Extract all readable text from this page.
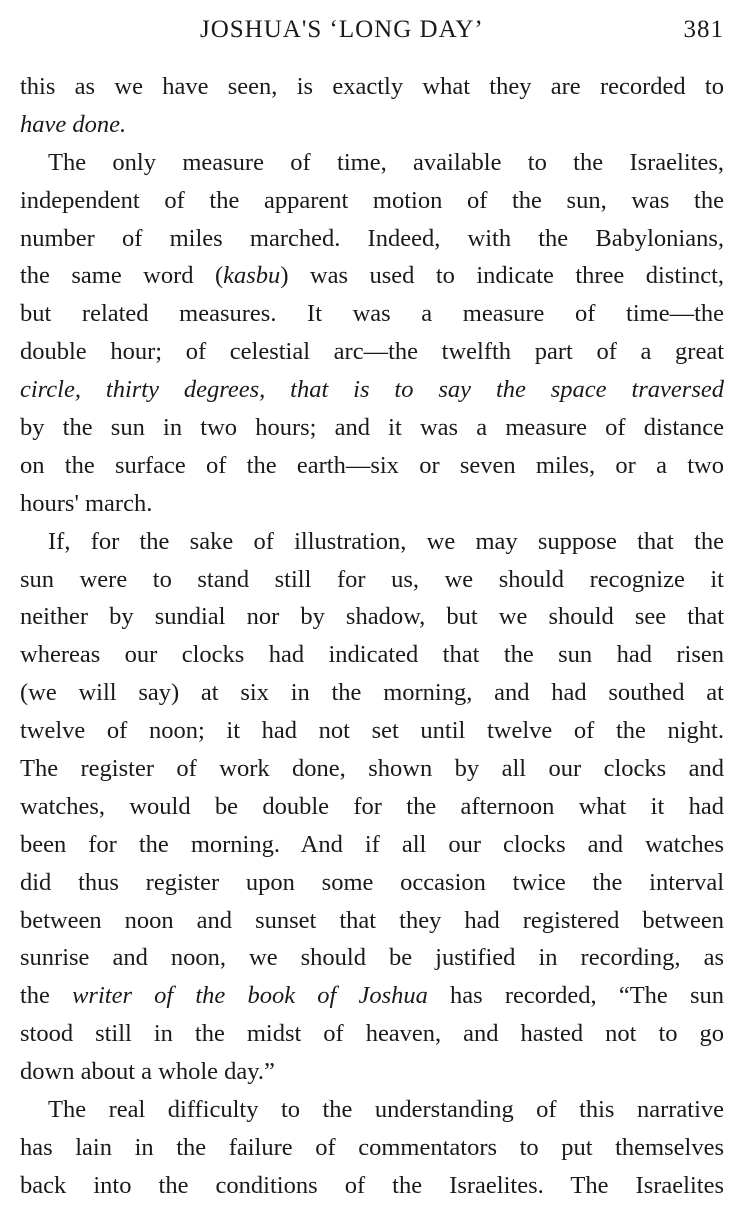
JOSHUA'S ‘LONG DAY’	381
this as we have seen, is exactly what they are recorded to
have done.
The only measure of time, available to the Israelites,
independent of the apparent motion of the sun, was the
number of miles marched. Indeed, with the Babylonians,
the same word (kasbu) was used to indicate three distinct,
but related measures. It was a measure of time—the
double hour; of celestial arc—the twelfth part of a great
circle, thirty degrees, that is to say the space traversed
by the sun in two hours; and it was a measure of distance
on the surface of the earth—six or seven miles, or a two
hours' march.
If, for the sake of illustration, we may suppose that the
sun were to stand still for us, we should recognize it
neither by sundial nor by shadow, but we should see that
whereas our clocks had indicated that the sun had risen
(we will say) at six in the morning, and had southed at
twelve of noon; it had not set until twelve of the night.
The register of work done, shown by all our clocks and
watches, would be double for the afternoon what it had
been for the morning. And if all our clocks and watches
did thus register upon some occasion twice the interval
between noon and sunset that they had registered between
sunrise and noon, we should be justified in recording, as
the writer of the book of Joshua has recorded, “The sun
stood still in the midst of heaven, and hasted not to go
down about a whole day.”
The real difficulty to the understanding of this narrative
has lain in the failure of commentators to put themselves
back into the conditions of the Israelites. The Israelites
